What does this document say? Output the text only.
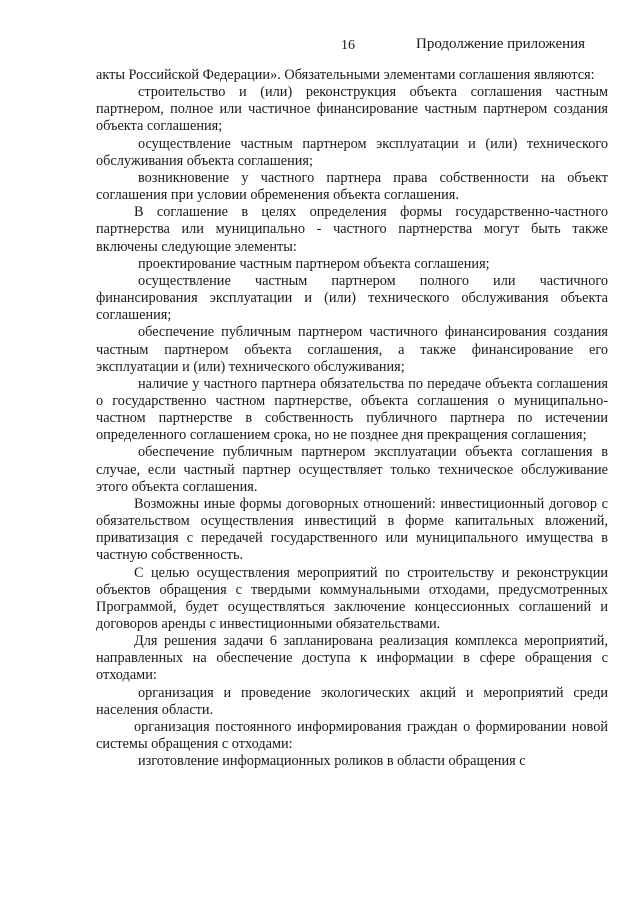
16	Продолжение приложения

акты Российской Федерации». Обязательными элементами соглашения являются:

строительство и (или) реконструкция объекта соглашения частным партнером, полное или частичное финансирование частным партнером создания объекта соглашения;

осуществление частным партнером эксплуатации и (или) технического обслуживания объекта соглашения;

возникновение у частного партнера права собственности на объект соглашения при условии обременения объекта соглашения.

В соглашение в целях определения формы государственно-частного партнерства или муниципально - частного партнерства могут быть также включены следующие элементы:

проектирование частным партнером объекта соглашения;

осуществление частным партнером полного или частичного финансирования эксплуатации и (или) технического обслуживания объекта соглашения;

обеспечение публичным партнером частичного финансирования создания частным партнером объекта соглашения, а также финансирование его эксплуатации и (или) технического обслуживания;

наличие у частного партнера обязательства по передаче объекта соглашения о государственно частном партнерстве, объекта соглашения о муниципально- частном партнерстве в собственность публичного партнера по истечении определенного соглашением срока, но не позднее дня прекращения соглашения;

обеспечение публичным партнером эксплуатации объекта соглашения в случае, если частный партнер осуществляет только техническое обслуживание этого объекта соглашения.

Возможны иные формы договорных отношений: инвестиционный договор с обязательством осуществления инвестиций в форме капитальных вложений, приватизация с передачей государственного или муниципального имущества в частную собственность.

С целью осуществления мероприятий по строительству и реконструкции объектов обращения с твердыми коммунальными отходами, предусмотренных Программой, будет осуществляться заключение концессионных соглашений и договоров аренды с инвестиционными обязательствами.

Для решения задачи 6 запланирована реализация комплекса мероприятий, направленных на обеспечение доступа к информации в сфере обращения с отходами:

организация и проведение экологических акций и мероприятий среди населения области.

организация постоянного информирования граждан о формировании новой системы обращения с отходами:

изготовление информационных роликов в области обращения с
